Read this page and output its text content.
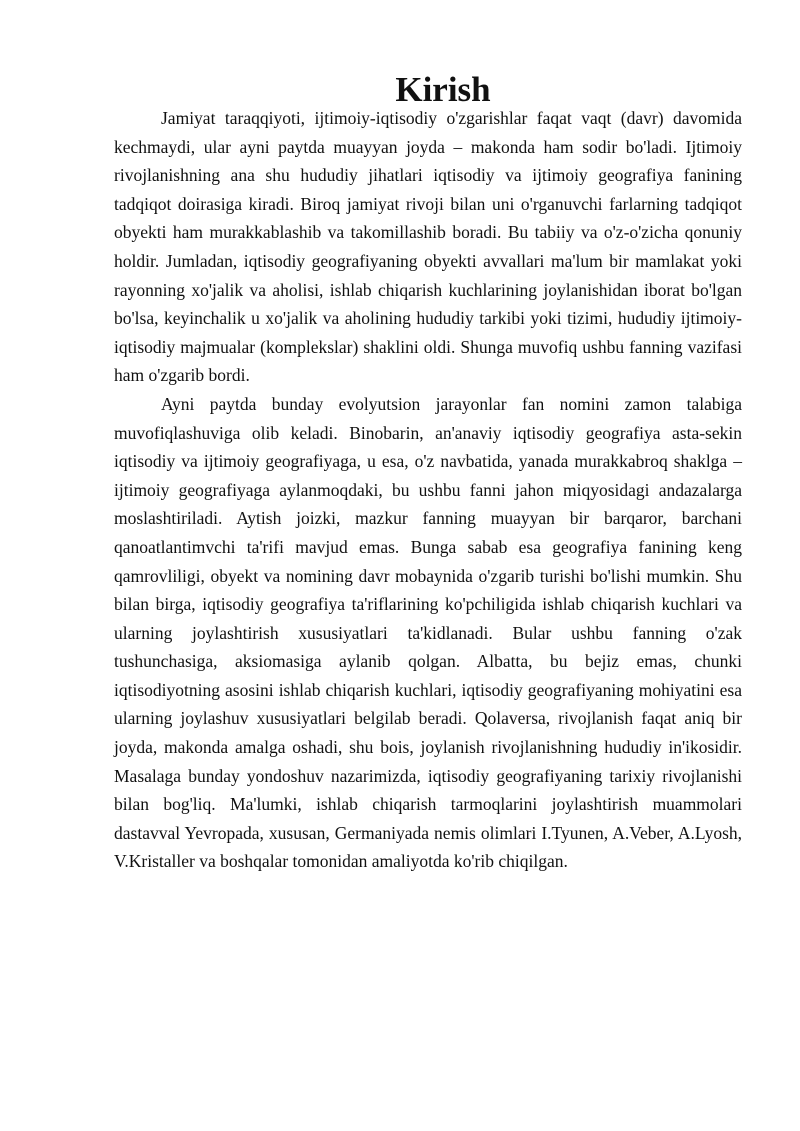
Kirish

Jamiyat taraqqiyoti, ijtimoiy-iqtisodiy o'zgarishlar faqat vaqt (davr) davomida kechmaydi, ular ayni paytda muayyan joyda – makonda ham sodir bo'ladi. Ijtimoiy rivojlanishning ana shu hududiy jihatlari iqtisodiy va ijtimoiy geografiya fanining tadqiqot doirasiga kiradi. Biroq jamiyat rivoji bilan uni o'rganuvchi farlarning tadqiqot obyekti ham murakkablashib va takomillashib boradi. Bu tabiiy va o'z-o'zicha qonuniy holdir. Jumladan, iqtisodiy geografiyaning obyekti avvallari ma'lum bir mamlakat yoki rayonning xo'jalik va aholisi, ishlab chiqarish kuchlarining joylanishidan iborat bo'lgan bo'lsa, keyinchalik u xo'jalik va aholining hududiy tarkibi yoki tizimi, hududiy ijtimoiy-iqtisodiy majmualar (komplekslar) shaklini oldi. Shunga muvofiq ushbu fanning vazifasi ham o'zgarib bordi.

Ayni paytda bunday evolyutsion jarayonlar fan nomini zamon talabiga muvofiqlashuviga olib keladi. Binobarin, an'anaviy iqtisodiy geografiya asta-sekin iqtisodiy va ijtimoiy geografiyaga, u esa, o'z navbatida, yanada murakkabroq shaklga – ijtimoiy geografiyaga aylanmoqdaki, bu ushbu fanni jahon miqyosidagi andazalarga moslashtiriladi. Aytish joizki, mazkur fanning muayyan bir barqaror, barchani qanoatlantimvchi ta'rifi mavjud emas. Bunga sabab esa geografiya fanining keng qamrovliligi, obyekt va nomining davr mobaynida o'zgarib turishi bo'lishi mumkin. Shu bilan birga, iqtisodiy geografiya ta'riflarining ko'pchiligida ishlab chiqarish kuchlari va ularning joylashtirish xususiyatlari ta'kidlanadi. Bular ushbu fanning o'zak tushunchasiga, aksiomasiga aylanib qolgan. Albatta, bu bejiz emas, chunki iqtisodiyotning asosini ishlab chiqarish kuchlari, iqtisodiy geografiyaning mohiyatini esa ularning joylashuv xususiyatlari belgilab beradi. Qolaversa, rivojlanish faqat aniq bir joyda, makonda amalga oshadi, shu bois, joylanish rivojlanishning hududiy in'ikosidir. Masalaga bunday yondoshuv nazarimizda, iqtisodiy geografiyaning tarixiy rivojlanishi bilan bog'liq. Ma'lumki, ishlab chiqarish tarmoqlarini joylashtirish muammolari dastavval Yevropada, xususan, Germaniyada nemis olimlari I.Tyunen, A.Veber, A.Lyosh, V.Kristaller va boshqalar tomonidan amaliyotda ko'rib chiqilgan.
